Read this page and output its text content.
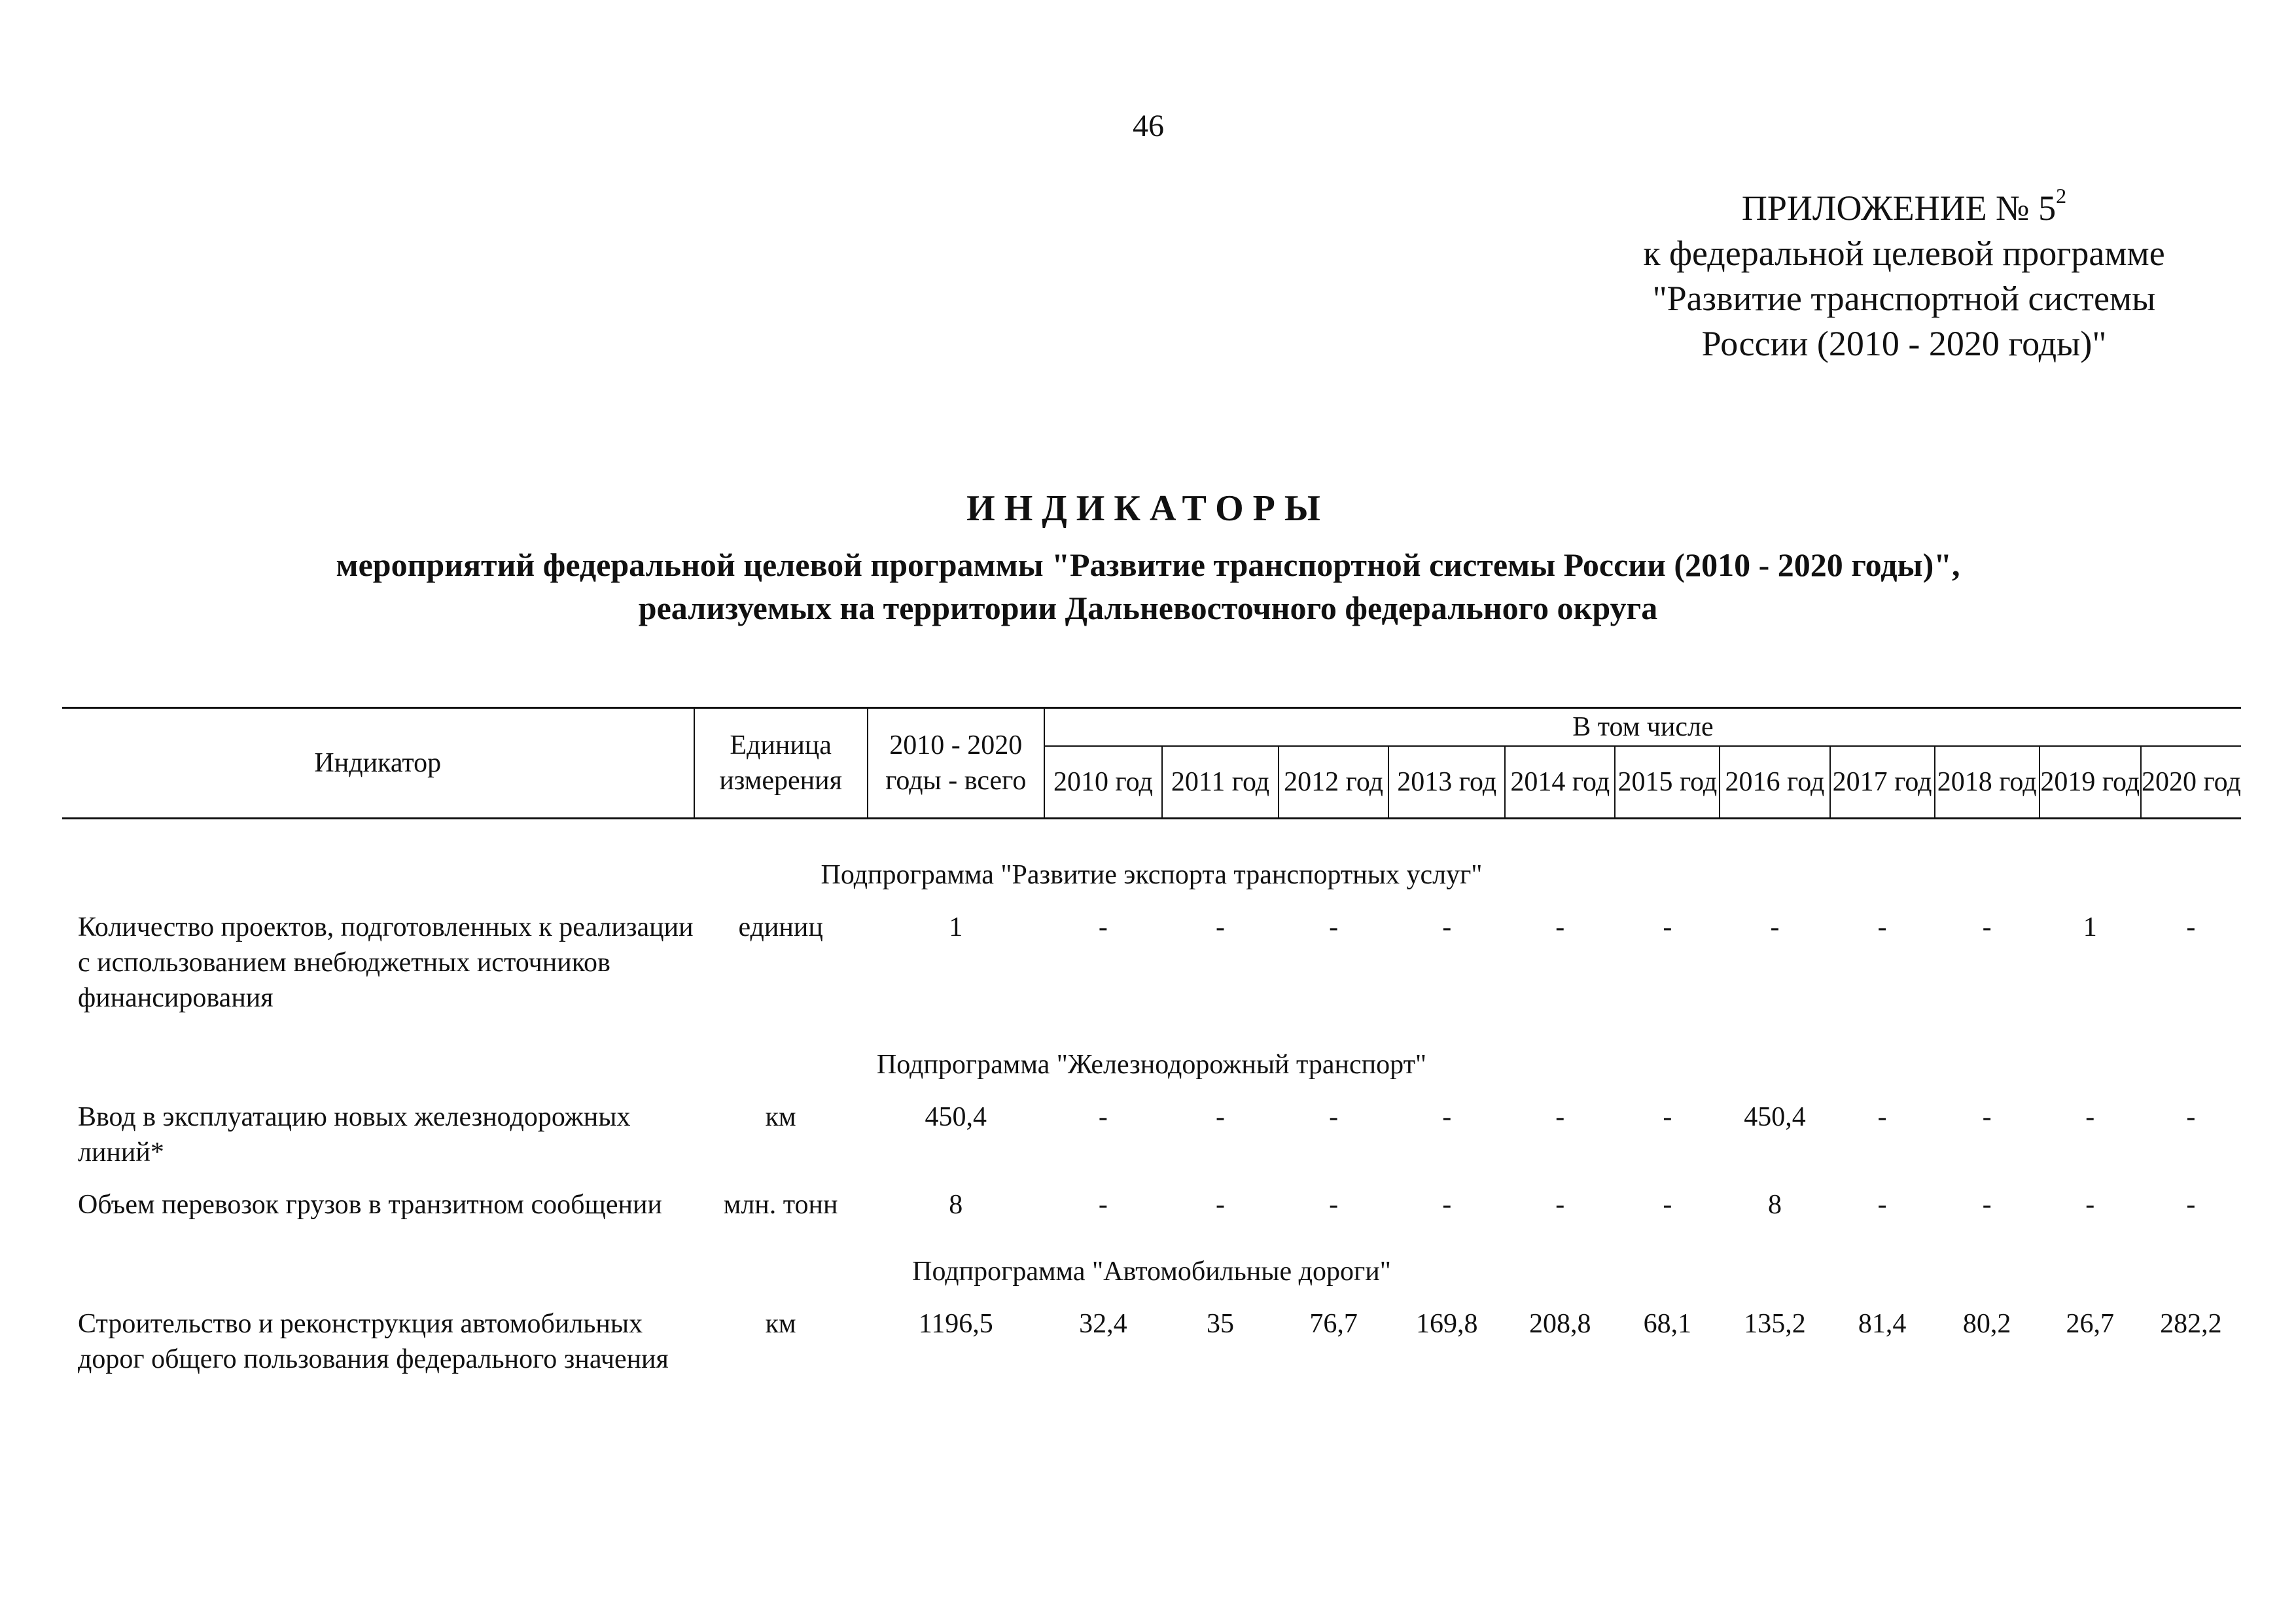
46
ПРИЛОЖЕНИЕ № $5^2$
к федеральной целевой программе
"Развитие транспортной системы
России (2010 - 2020 годы)"
ИНДИКАТОРЫ
мероприятий федеральной целевой программы "Развитие транспортной системы России (2010 - 2020 годы)",
реализуемых на территории Дальневосточного федерального округа
Индикатор	Единица измерения	2010 - 2020 годы - всего	В том числе										
			2010 год	2011 год	2012 год	2013 год	2014 год	2015 год	2016 год	2017 год	2018 год	2019 год	2020 год

Подпрограмма "Развитие экспорта транспортных услуг"													
Количество проектов, подготовленных к реализации с использованием внебюджетных источников финансирования	единиц	1	-	-	-	-	-	-	-	-	-	1	-
Подпрограмма "Железнодорожный транспорт"													
Ввод в эксплуатацию новых железнодорожных линий*	км	450,4	-	-	-	-	-	-	450,4	-	-	-	-
Объем перевозок грузов в транзитном сообщении	млн. тонн	8	-	-	-	-	-	-	8	-	-	-	-
Подпрограмма "Автомобильные дороги"													
Строительство и реконструкция автомобильных дорог общего пользования федерального значения	км	1196,5	32,4	35	76,7	169,8	208,8	68,1	135,2	81,4	80,2	26,7	282,2
